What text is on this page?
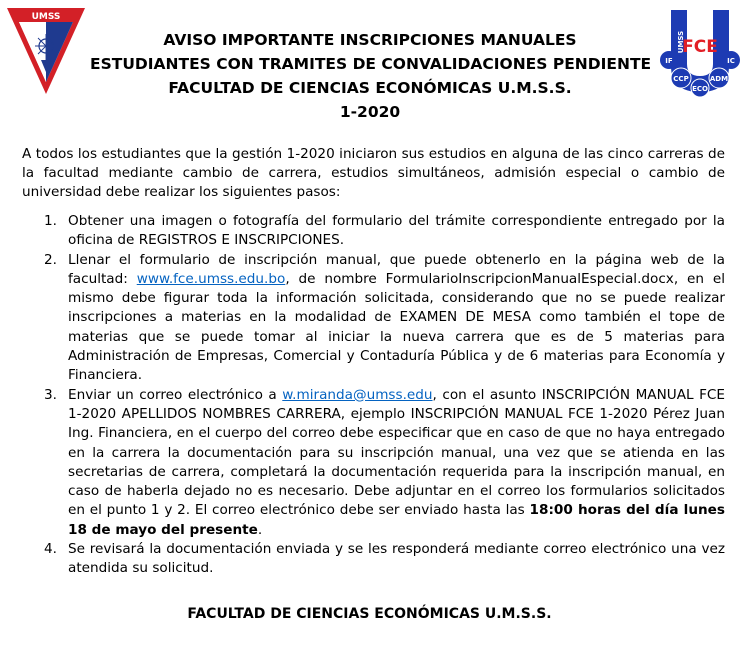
UMSS
AVISO IMPORTANTE INSCRIPCIONES MANUALES
ESTUDIANTES CON TRAMITES DE CONVALIDACIONES PENDIENTE
FACULTAD DE CIENCIAS ECONÓMICAS U.M.S.S.
1-2020
FCE
UMSS
IF	IC
CCP	ADM
ECO

A todos los estudiantes que la gestión 1-2020 iniciaron sus estudios en alguna de las cinco carreras de la facultad mediante cambio de carrera, estudios simultáneos, admisión especial o cambio de universidad debe realizar los siguientes pasos:

1. Obtener una imagen o fotografía del formulario del trámite correspondiente entregado por la oficina de REGISTROS E INSCRIPCIONES.
2. Llenar el formulario de inscripción manual, que puede obtenerlo en la página web de la facultad: www.fce.umss.edu.bo, de nombre FormularioInscripcionManualEspecial.docx, en el mismo debe figurar toda la información solicitada, considerando que no se puede realizar inscripciones a materias en la modalidad de EXAMEN DE MESA como también el tope de materias que se puede tomar al iniciar la nueva carrera que es de 5 materias para Administración de Empresas, Comercial y Contaduría Pública y de 6 materias para Economía y Financiera.
3. Enviar un correo electrónico a w.miranda@umss.edu, con el asunto INSCRIPCIÓN MANUAL FCE 1-2020 APELLIDOS NOMBRES CARRERA, ejemplo INSCRIPCIÓN MANUAL FCE 1-2020 Pérez Juan Ing. Financiera, en el cuerpo del correo debe especificar que en caso de que no haya entregado en la carrera la documentación para su inscripción manual, una vez que se atienda en las secretarias de carrera, completará la documentación requerida para la inscripción manual, en caso de haberla dejado no es necesario. Debe adjuntar en el correo los formularios solicitados en el punto 1 y 2. El correo electrónico debe ser enviado hasta las 18:00 horas del día lunes 18 de mayo del presente.
4. Se revisará la documentación enviada y se les responderá mediante correo electrónico una vez atendida su solicitud.
FACULTAD DE CIENCIAS ECONÓMICAS U.M.S.S.
